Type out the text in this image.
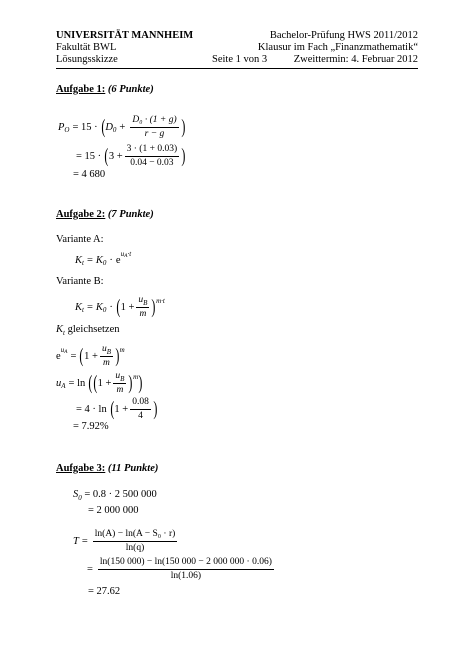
UNIVERSITÄT MANNHEIM
Fakultät BWL
Lösungsskizze	Seite 1 von 3
Bachelor-Prüfung HWS 2011/2012
Klausur im Fach „Finanzmathematik“
Zweittermin: 4. Februar 2012
Aufgabe 1: (6 Punkte)
P O = 15 · ( D $0 + \frac{\text{D₀ · (1 + g)}}{r - g}$ )
= 15 · ( $3 + \frac{3 \cdot (1 + 0.03)}{0.04 - 0.03}$ )
= 4 680
Aufgabe 2: (7 Punkte)
Variante A:
K t = K 0 · e
u A ·t
Variante B:
K t = K 0 · ( $1 + \frac{u_B}{m}$ ) m·t
$K_t$ gleichsetzen
e
u A = ( $1 + \frac{u_B}{m}$ ) m
u A = ln ( ( $1 + \frac{u_B}{m}$ ) m )
= 4 · ln ( $1 + \frac{0.08}{4}$ )
= 7.92%
Aufgabe 3: (11 Punkte)
$S_0 = 0.8 \cdot 2$ 500 000
= 2 000 000
$T = \frac{\text{ln(A) − ln(A − S₀ · r)}}{\ln(q)}$
= $\frac{\ln(150 000) - \ln(150 000 - 2 000 000 \cdot 0.06)}{\ln(1.06)}$
= 27.62
